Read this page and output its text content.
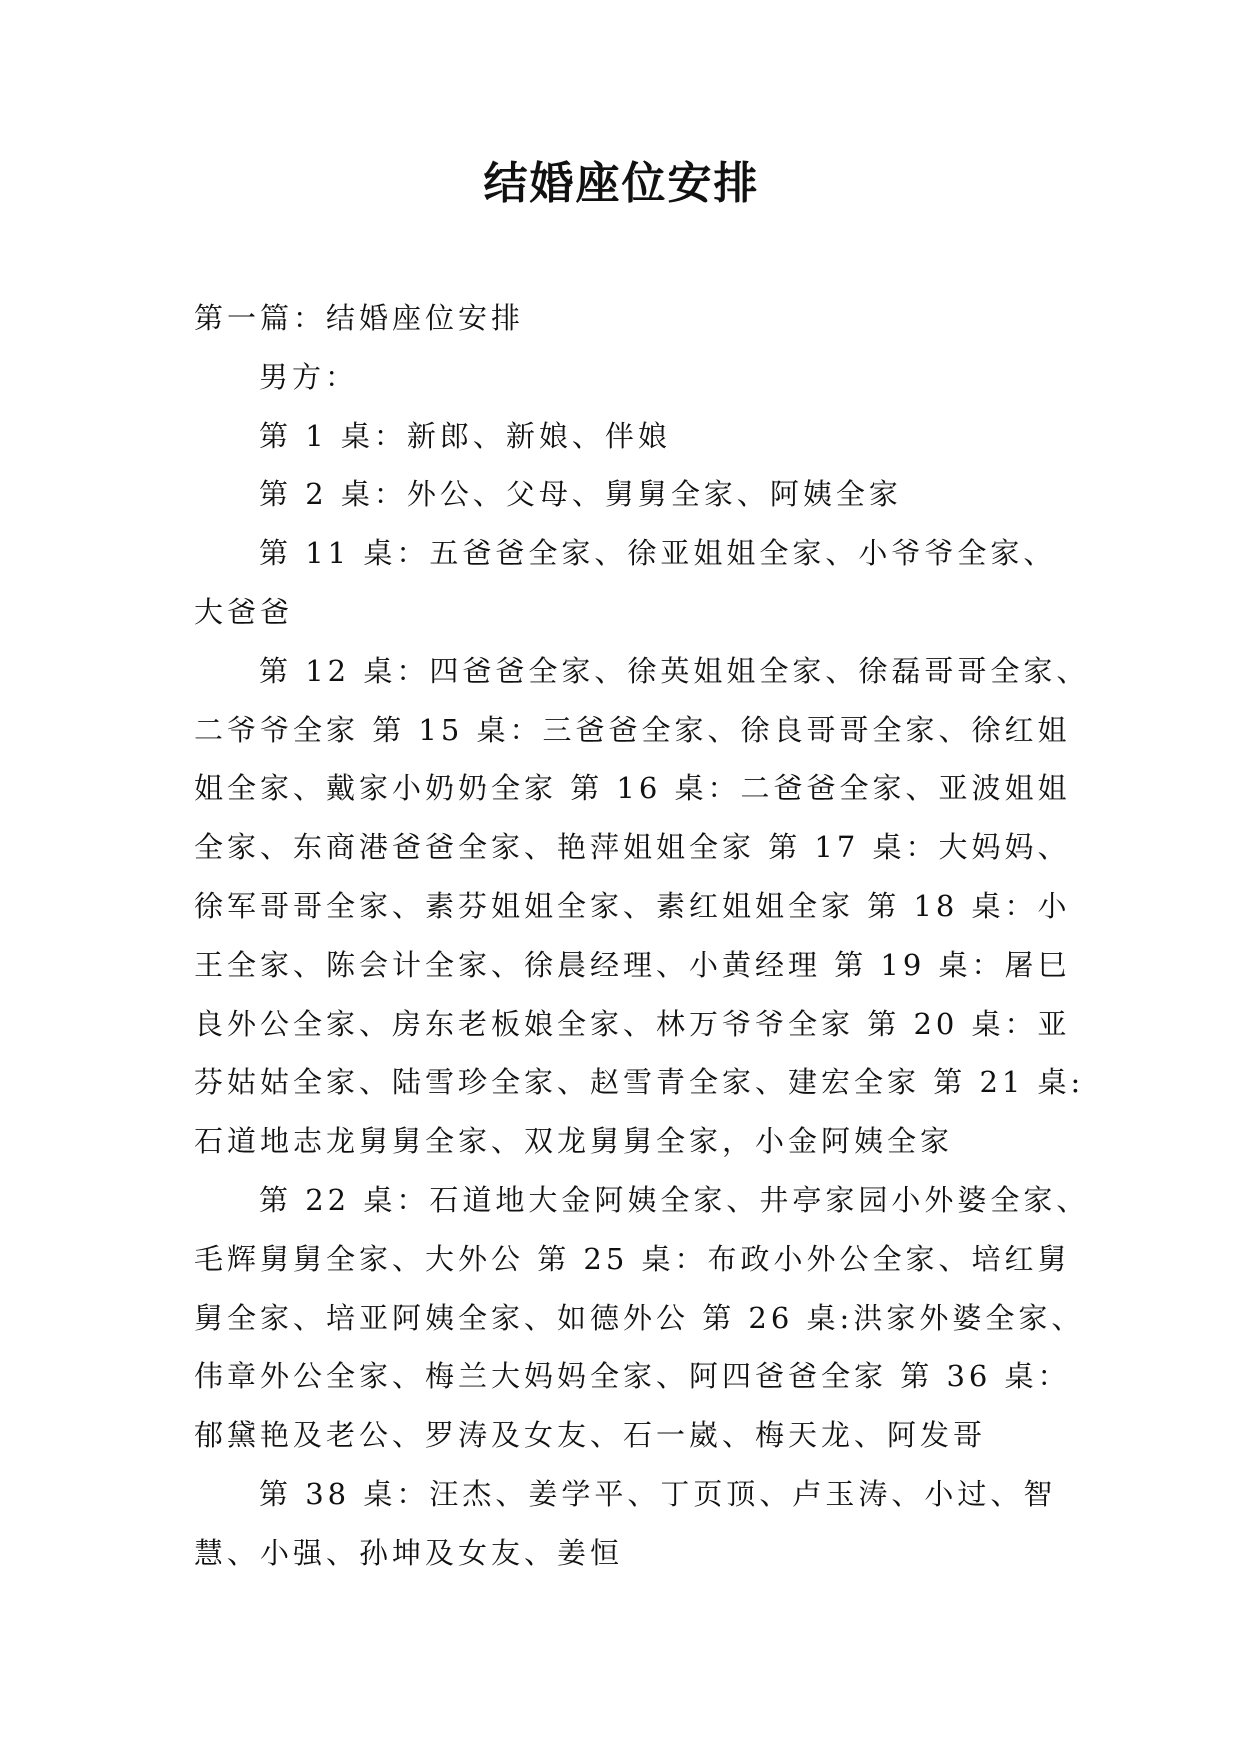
结婚座位安排
第一篇：结婚座位安排
男方：
第 1 桌：新郎、新娘、伴娘
第 2 桌：外公、父母、舅舅全家、阿姨全家
第 11 桌：五爸爸全家、徐亚姐姐全家、小爷爷全家、
大爸爸
第 12 桌：四爸爸全家、徐英姐姐全家、徐磊哥哥全家、
二爷爷全家 第 15 桌：三爸爸全家、徐良哥哥全家、徐红姐
姐全家、戴家小奶奶全家 第 16 桌：二爸爸全家、亚波姐姐
全家、东商港爸爸全家、艳萍姐姐全家 第 17 桌：大妈妈、
徐军哥哥全家、素芬姐姐全家、素红姐姐全家 第 18 桌：小
王全家、陈会计全家、徐晨经理、小黄经理 第 19 桌：屠巳
良外公全家、房东老板娘全家、林万爷爷全家 第 20 桌：亚
芬姑姑全家、陆雪珍全家、赵雪青全家、建宏全家 第 21 桌:
石道地志龙舅舅全家、双龙舅舅全家，小金阿姨全家
第 22 桌：石道地大金阿姨全家、井亭家园小外婆全家、
毛辉舅舅全家、大外公 第 25 桌：布政小外公全家、培红舅
舅全家、培亚阿姨全家、如德外公 第 26 桌:洪家外婆全家、
伟章外公全家、梅兰大妈妈全家、阿四爸爸全家 第 36 桌：
郁黛艳及老公、罗涛及女友、石一崴、梅天龙、阿发哥
第 38 桌：汪杰、姜学平、丁页顶、卢玉涛、小过、智
慧、小强、孙坤及女友、姜恒
